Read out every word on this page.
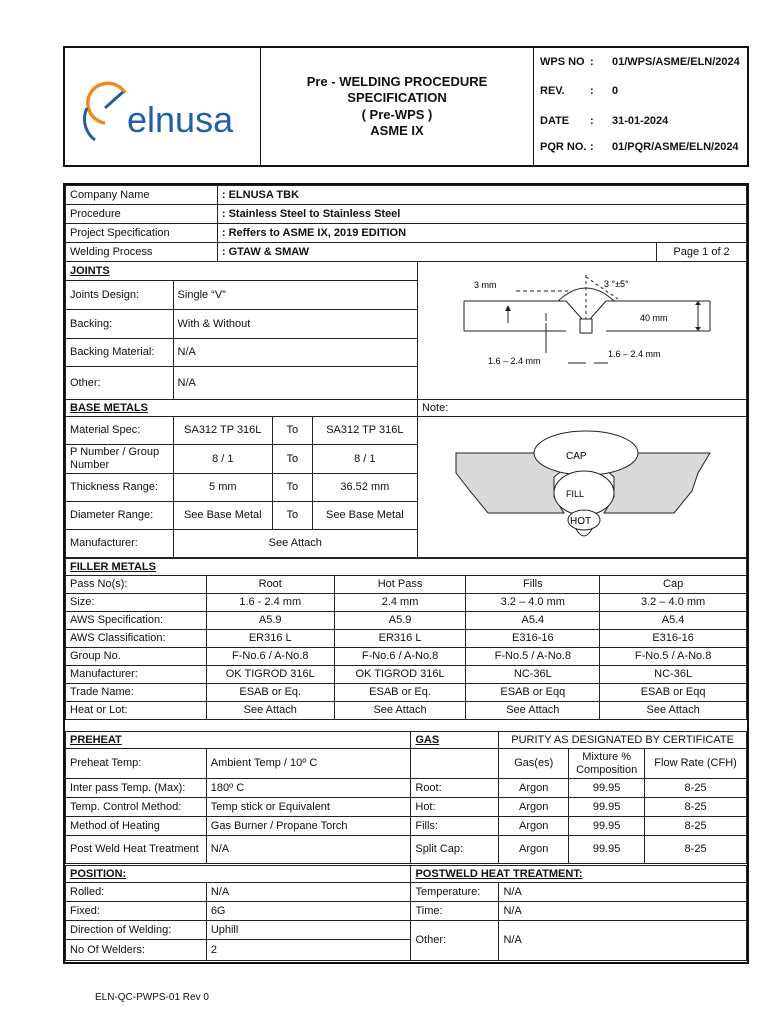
elnusa
Pre - WELDING PROCEDURE
SPECIFICATION
( Pre-WPS )
ASME IX
WPS NO : 01/WPS/ASME/ELN/2024
REV. : 0
DATE : 31-01-2024
PQR NO. : 01/PQR/ASME/ELN/2024
Company Name	: ELNUSA TBK	
Procedure	: Stainless Steel to Stainless Steel	
Project Specification	: Reffers to ASME IX, 2019 EDITION	
Welding Process	: GTAW & SMAW	Page 1 of 2
JOINTS		3 mm 3 °±5°
40 mm
1.6 – 2.4 mm
1.6 – 2.4 mm

Joints Design:	Single “V”	
Backing:	With & Without	
Backing Material:	N/A	
Other:	N/A	
BASE METALS				Note:
Material Spec:	SA312 TP 316L	To	SA312 TP 316L	CAP
FILL
HOT

P Number / Group Number	8 / 1	To	8 / 1	
Thickness Range:	5 mm	To	36.52 mm	
Diameter Range:	See Base Metal	To	See Base Metal	
Manufacturer:	See Attach			
FILLER METALS				
Pass No(s):	Root	Hot Pass	Fills	Cap
Size:	1.6 - 2.4 mm	2.4 mm	3.2 – 4.0 mm	3.2 – 4.0 mm
AWS Specification:	A5.9	A5.9	A5.4	A5.4
AWS Classification:	ER316 L	ER316 L	E316-16	E316-16
Group No.	F-No.6 / A-No.8	F-No.6 / A-No.8	F-No.5 / A-No.8	F-No.5 / A-No.8
Manufacturer:	OK TIGROD 316L	OK TIGROD 316L	NC-36L	NC-36L
Trade Name:	ESAB or Eq.	ESAB or Eq.	ESAB or Eqq	ESAB or Eqq
Heat or Lot:	See Attach	See Attach	See Attach	See Attach
PREHEAT		GAS	PURITY AS DESIGNATED BY CERTIFICATE		
Preheat Temp:	Ambient Temp / 10º C		Gas(es)	Mixture % Composition	Flow Rate (CFH)
Inter pass Temp. (Max):	180º C	Root:	Argon	99.95	8-25
Temp. Control Method:	Temp stick or Equivalent	Hot:	Argon	99.95	8-25
Method of Heating	Gas Burner / Propane Torch	Fills:	Argon	99.95	8-25
Post Weld Heat Treatment	N/A	Split Cap:	Argon	99.95	8-25
POSITION:		POSTWELD HEAT TREATMENT:	
Rolled:	N/A	Temperature:	N/A
Fixed:	6G	Time:	N/A
Direction of Welding:	Uphill	Other:	N/A
No Of Welders:	2		
ELN-QC-PWPS-01 Rev 0
